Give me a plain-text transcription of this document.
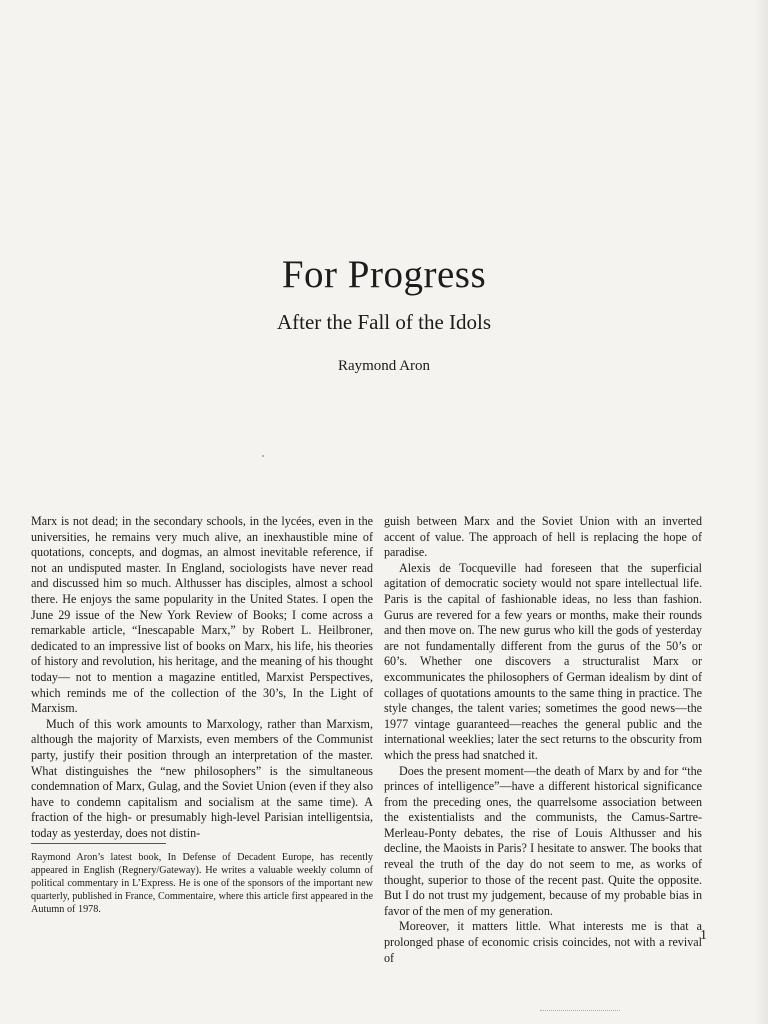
For Progress
After the Fall of the Idols
Raymond Aron

Marx is not dead; in the secondary schools, in the lycées, even in the universities, he remains very much alive, an inexhaustible mine of quotations, concepts, and dogmas, an almost inevitable reference, if not an undisputed master. In England, sociologists have never read and discussed him so much. Althusser has disciples, almost a school there. He enjoys the same popularity in the United States. I open the June 29 issue of the New York Review of Books; I come across a remarkable article, “Inescapable Marx,” by Robert L. Heilbroner, dedicated to an impressive list of books on Marx, his life, his theories of history and revolution, his heritage, and the meaning of his thought today— not to mention a magazine entitled, Marxist Perspectives, which reminds me of the collection of the 30’s, In the Light of Marxism.

Much of this work amounts to Marxology, rather than Marxism, although the majority of Marxists, even members of the Communist party, justify their position through an interpretation of the master. What distinguishes the “new philosophers” is the simultaneous condemnation of Marx, Gulag, and the Soviet Union (even if they also have to condemn capitalism and socialism at the same time). A fraction of the high- or presumably high-level Parisian intelligentsia, today as yesterday, does not distin-

guish between Marx and the Soviet Union with an inverted accent of value. The approach of hell is replacing the hope of paradise.

Alexis de Tocqueville had foreseen that the superficial agitation of democratic society would not spare intellectual life. Paris is the capital of fashionable ideas, no less than fashion. Gurus are revered for a few years or months, make their rounds and then move on. The new gurus who kill the gods of yesterday are not fundamentally different from the gurus of the 50’s or 60’s. Whether one discovers a structuralist Marx or excommunicates the philosophers of German idealism by dint of collages of quotations amounts to the same thing in practice. The style changes, the talent varies; sometimes the good news—the 1977 vintage guaranteed—reaches the general public and the international weeklies; later the sect returns to the obscurity from which the press had snatched it.

Does the present moment—the death of Marx by and for “the princes of intelligence”—have a different historical significance from the preceding ones, the quarrelsome association between the existentialists and the communists, the Camus-Sartre-Merleau-Ponty debates, the rise of Louis Althusser and his decline, the Maoists in Paris? I hesitate to answer. The books that reveal the truth of the day do not seem to me, as works of thought, superior to those of the recent past. Quite the opposite. But I do not trust my judgement, because of my probable bias in favor of the men of my generation.

Moreover, it matters little. What interests me is that a prolonged phase of economic crisis coincides, not with a revival of

Raymond Aron’s latest book, In Defense of Decadent Europe, has recently appeared in English (Regnery/Gateway). He writes a valuable weekly column of political commentary in L’Express. He is one of the sponsors of the important new quarterly, published in France, Commentaire, where this article first appeared in the Autumn of 1978.

1
